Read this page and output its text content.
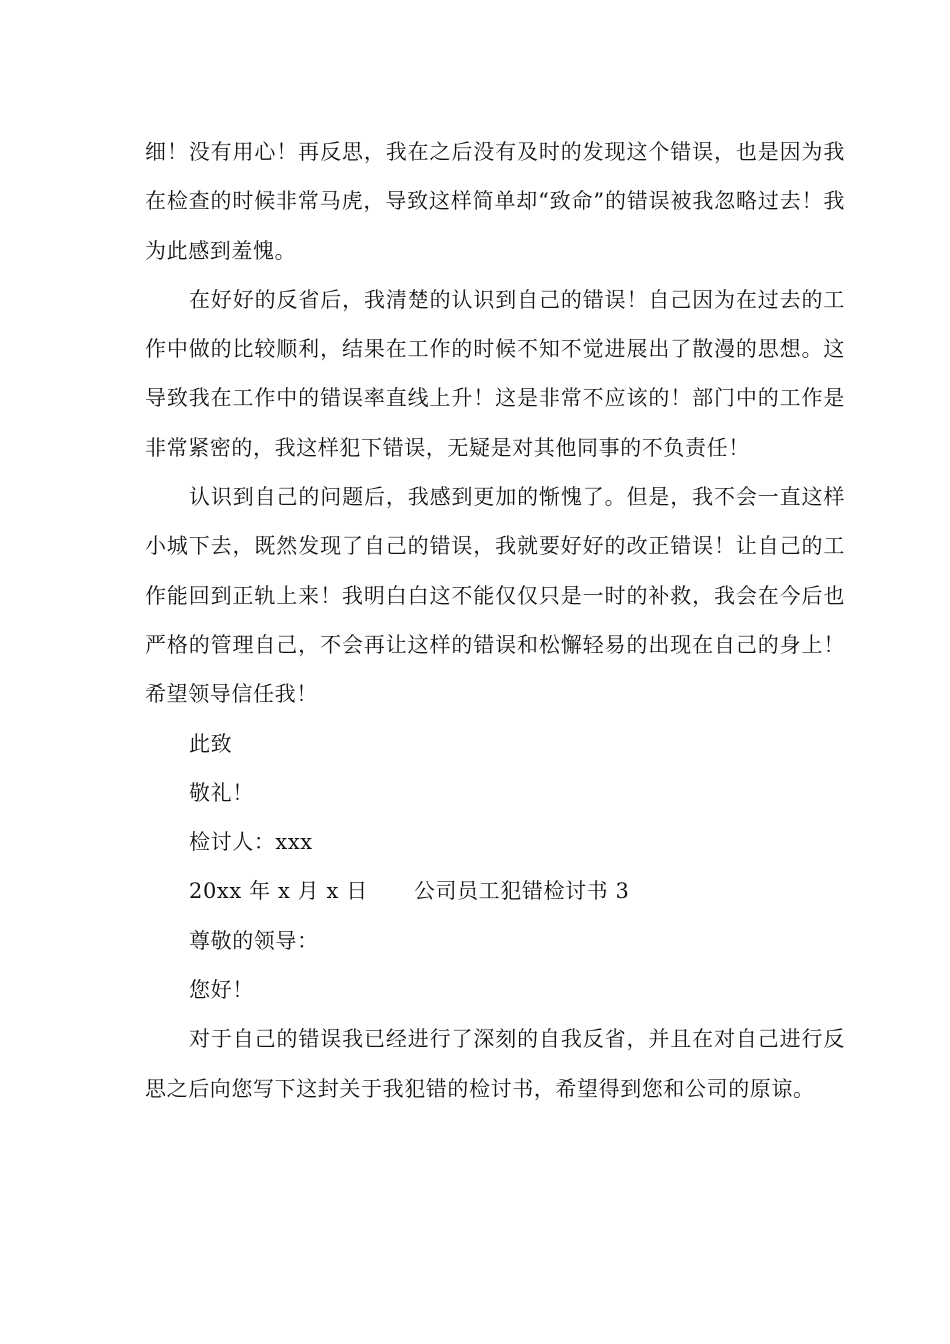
细！没有用心！再反思，我在之后没有及时的发现这个错误，也是因为我在检查的时候非常马虎，导致这样简单却“致命”的错误被我忽略过去！我为此感到羞愧。

在好好的反省后，我清楚的认识到自己的错误！自己因为在过去的工作中做的比较顺利，结果在工作的时候不知不觉进展出了散漫的思想。这导致我在工作中的错误率直线上升！这是非常不应该的！部门中的工作是非常紧密的，我这样犯下错误，无疑是对其他同事的不负责任！

认识到自己的问题后，我感到更加的惭愧了。但是，我不会一直这样小城下去，既然发现了自己的错误，我就要好好的改正错误！让自己的工作能回到正轨上来！我明白白这不能仅仅只是一时的补救，我会在今后也严格的管理自己，不会再让这样的错误和松懈轻易的出现在自己的身上！希望领导信任我！

此致

敬礼！

检讨人：xxx

20xx 年 x 月 x 日 公司员工犯错检讨书 3

尊敬的领导：

您好！

对于自己的错误我已经进行了深刻的自我反省，并且在对自己进行反思之后向您写下这封关于我犯错的检讨书，希望得到您和公司的原谅。
